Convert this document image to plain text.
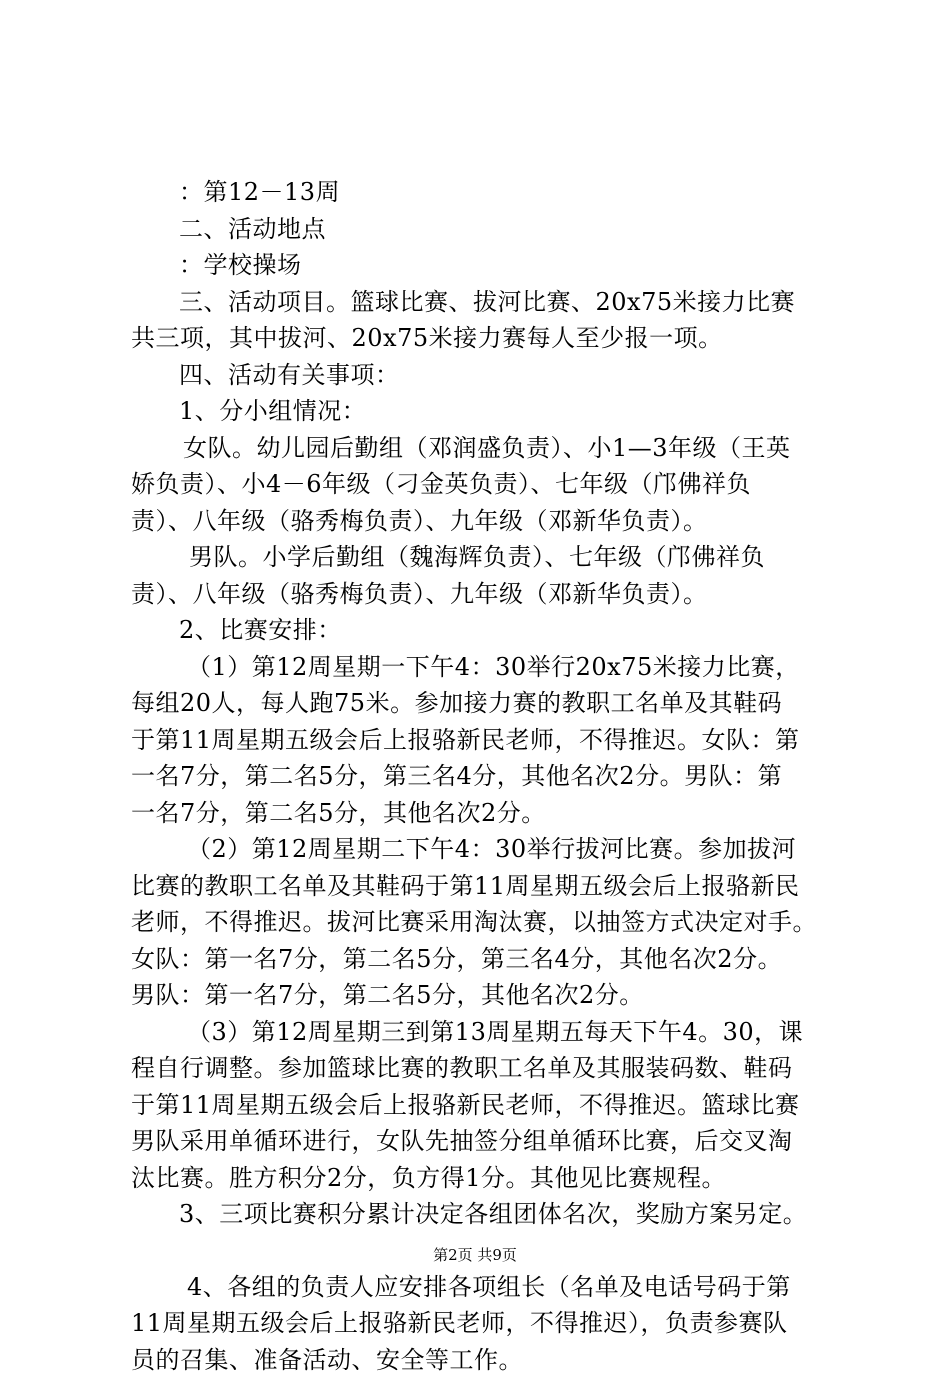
：第12－13周
二、活动地点
：学校操场
三、活动项目。篮球比赛、拔河比赛、20x75米接力比赛
共三项，其中拔河、20x75米接力赛每人至少报一项。
四、活动有关事项：
1、分小组情况：
女队。幼儿园后勤组（邓润盛负责）、小1—3年级（王英
娇负责）、小4－6年级（刁金英负责）、七年级（邝佛祥负
责）、八年级（骆秀梅负责）、九年级（邓新华负责）。
男队。小学后勤组（魏海辉负责）、七年级（邝佛祥负
责）、八年级（骆秀梅负责）、九年级（邓新华负责）。
2、比赛安排：
（1）第12周星期一下午4：30举行20x75米接力比赛，
每组20人，每人跑75米。参加接力赛的教职工名单及其鞋码
于第11周星期五级会后上报骆新民老师，不得推迟。女队：第
一名7分，第二名5分，第三名4分，其他名次2分。男队：第
一名7分，第二名5分，其他名次2分。
（2）第12周星期二下午4：30举行拔河比赛。参加拔河
比赛的教职工名单及其鞋码于第11周星期五级会后上报骆新民
老师，不得推迟。拔河比赛采用淘汰赛，以抽签方式决定对手。
女队：第一名7分，第二名5分，第三名4分，其他名次2分。
男队：第一名7分，第二名5分，其他名次2分。
（3）第12周星期三到第13周星期五每天下午4。30，课
程自行调整。参加篮球比赛的教职工名单及其服装码数、鞋码
于第11周星期五级会后上报骆新民老师，不得推迟。篮球比赛
男队采用单循环进行，女队先抽签分组单循环比赛，后交叉淘
汰比赛。胜方积分2分，负方得1分。其他见比赛规程。
3、三项比赛积分累计决定各组团体名次，奖励方案另定。
4、各组的负责人应安排各项组长（名单及电话号码于第
11周星期五级会后上报骆新民老师，不得推迟），负责参赛队
员的召集、准备活动、安全等工作。
第2页 共9页
